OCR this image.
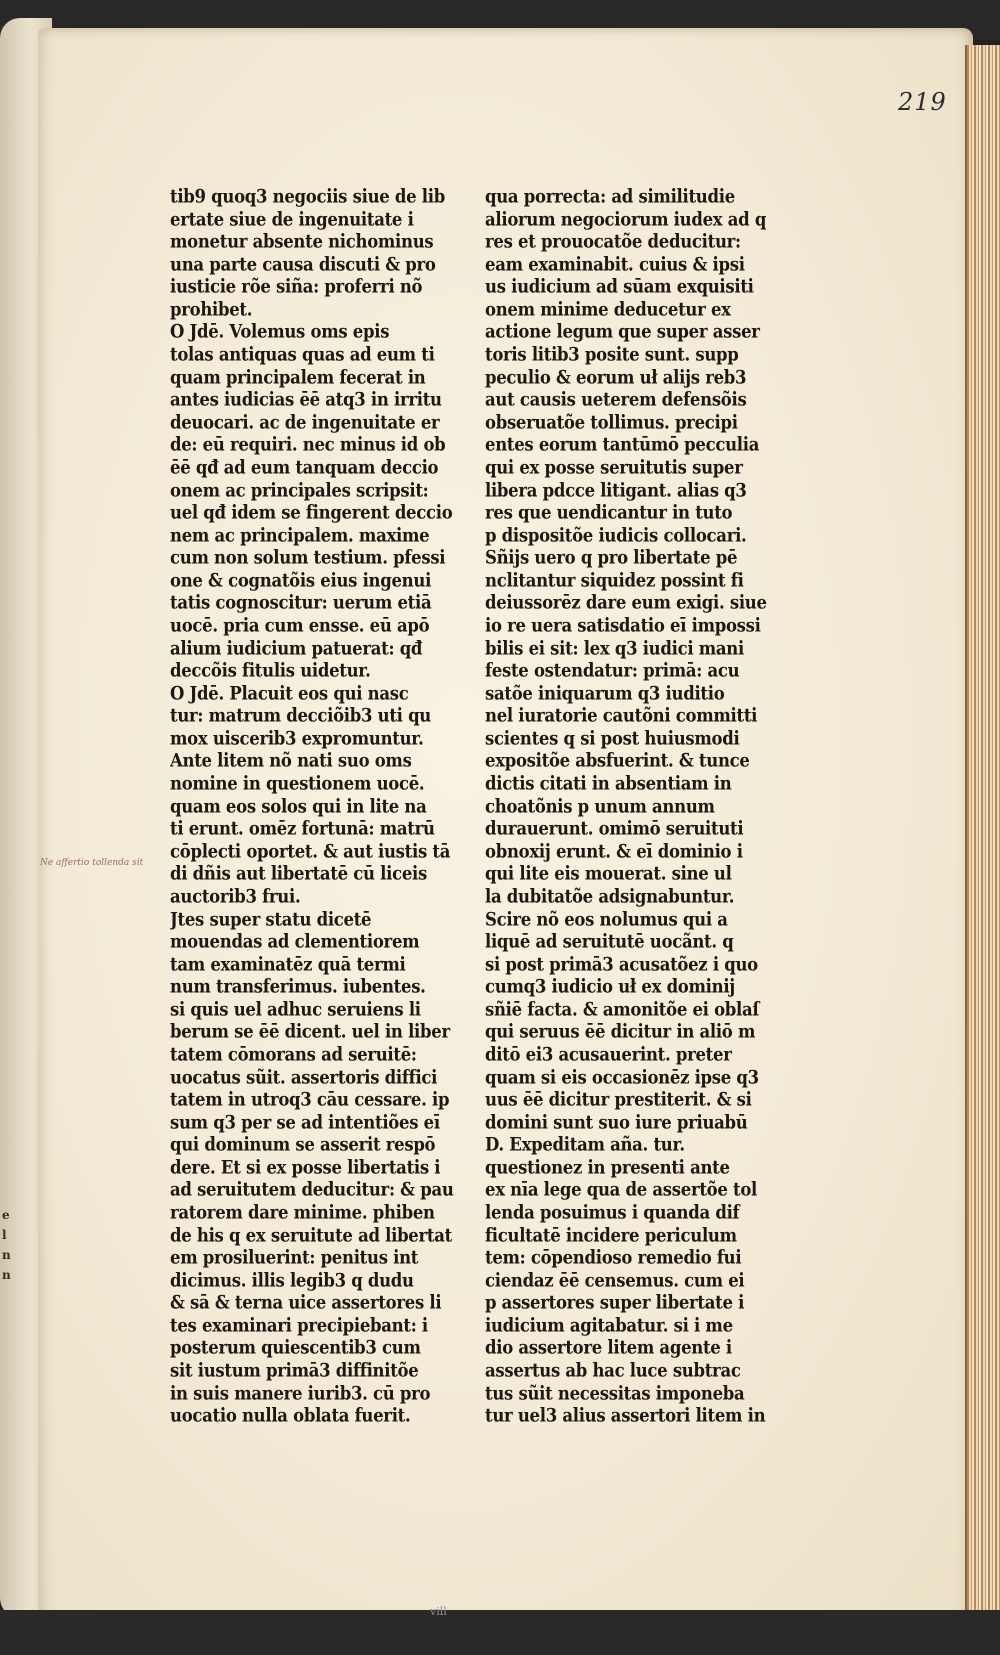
e
l
n
n
219
Ne affertio tollenda sit
vill
tib9 quoq3 negociis siue de lib
ertate siue de ingenuitate i
monetur absente nichominus
una parte causa discuti & pro
iusticie rõe siña: proferri nõ
prohibet.
O Jdē. Volemus oms epis
tolas antiquas quas ad eum ti
quam principalem fecerat in
antes iudicias ēē atq3 in irritu
deuocari. ac de ingenuitate er
de: eū requiri. nec minus id ob
ēē qđ ad eum tanquam deccio
onem ac principales scripsit:
uel qđ idem se fingerent deccio
nem ac principalem. maxime
cum non solum testium. pfessi
one & cognatõis eius ingenui
tatis cognoscitur: uerum etiā
uocē. pria cum ensse. eū apō
alium iudicium patuerat: qđ
deccõis fitulis uidetur.
O Jdē. Placuit eos qui nasc
tur: matrum decciõib3 uti qu
mox uiscerib3 expromuntur.
Ante litem nõ nati suo oms
nomine in questionem uocē.
quam eos solos qui in lite na
ti erunt. omēz fortunā: matrū
cōplecti oportet. & aut iustis tā
di dñis aut libertatē cū liceis
auctorib3 frui.
Jtes super statu dicetē
mouendas ad clementiorem
tam examinatēz quā termi
num transferimus. iubentes.
si quis uel adhuc seruiens li
berum se ēē dicent. uel in liber
tatem cōmorans ad seruitē:
uocatus sũit. assertoris diffici
tatem in utroq3 cāu cessare. ip
sum q3 per se ad intentiões eī
qui dominum se asserit respō
dere. Et si ex posse libertatis i
ad seruitutem deducitur: & pau
ratorem dare minime. phiben
de his q ex seruitute ad libertat
em prosiluerint: penitus int
dicimus. illis legib3 q dudu
& sā & terna uice assertores li
tes examinari precipiebant: i
posterum quiescentib3 cum
sit iustum primā3 diffinitõe
in suis manere iurib3. cū pro
uocatio nulla oblata fuerit.
qua porrecta: ad similitudie
aliorum negociorum iudex ad q
res et prouocatõe deducitur:
eam examinabit. cuius & ipsi
us iudicium ad sūam exquisiti
onem minime deducetur ex
actione legum que super asser
toris litib3 posite sunt. supp
peculio & eorum uł alijs reb3
aut causis ueterem defensõis
obseruatõe tollimus. precipi
entes eorum tantūmō pecculia
qui ex posse seruitutis super
libera pdcce litigant. alias q3
res que uendicantur in tuto
p dispositõe iudicis collocari.
Sñijs uero q pro libertate pē
nclitantur siquidez possint fi
deiussorēz dare eum exigi. siue
io re uera satisdatio eī impossi
bilis ei sit: lex q3 iudici mani
feste ostendatur: primā: acu
satõe iniquarum q3 iuditio
nel iuratorie cautõni committi
scientes q si post huiusmodi
expositõe absfuerint. & tunce
dictis citati in absentiam in
choatõnis p unum annum
durauerunt. omimō seruituti
obnoxij erunt. & eī dominio i
qui lite eis mouerat. sine ul
la dubitatõe adsignabuntur.
Scire nõ eos nolumus qui a
liquē ad seruitutē uocãnt. q
si post primā3 acusatõez i quo
cumq3 iudicio uł ex dominij
sñiē facta. & amonitõe ei oblaſ
qui seruus ēē dicitur in aliō m
ditō ei3 acusauerint. preter
quam si eis occasionēz ipse q3
uus ēē dicitur prestiterit. & si
domini sunt suo iure priuabū
D. Expeditam aña. tur.
questionez in presenti ante
ex nīa lege qua de assertõe tol
lenda posuimus i quanda dif
ficultatē incidere periculum
tem: cōpendioso remedio fui
ciendaz ēē censemus. cum ei
p assertores super libertate i
iudicium agitabatur. si i me
dio assertore litem agente i
assertus ab hac luce subtrac
tus sũit necessitas imponeba
tur uel3 alius assertori litem in
